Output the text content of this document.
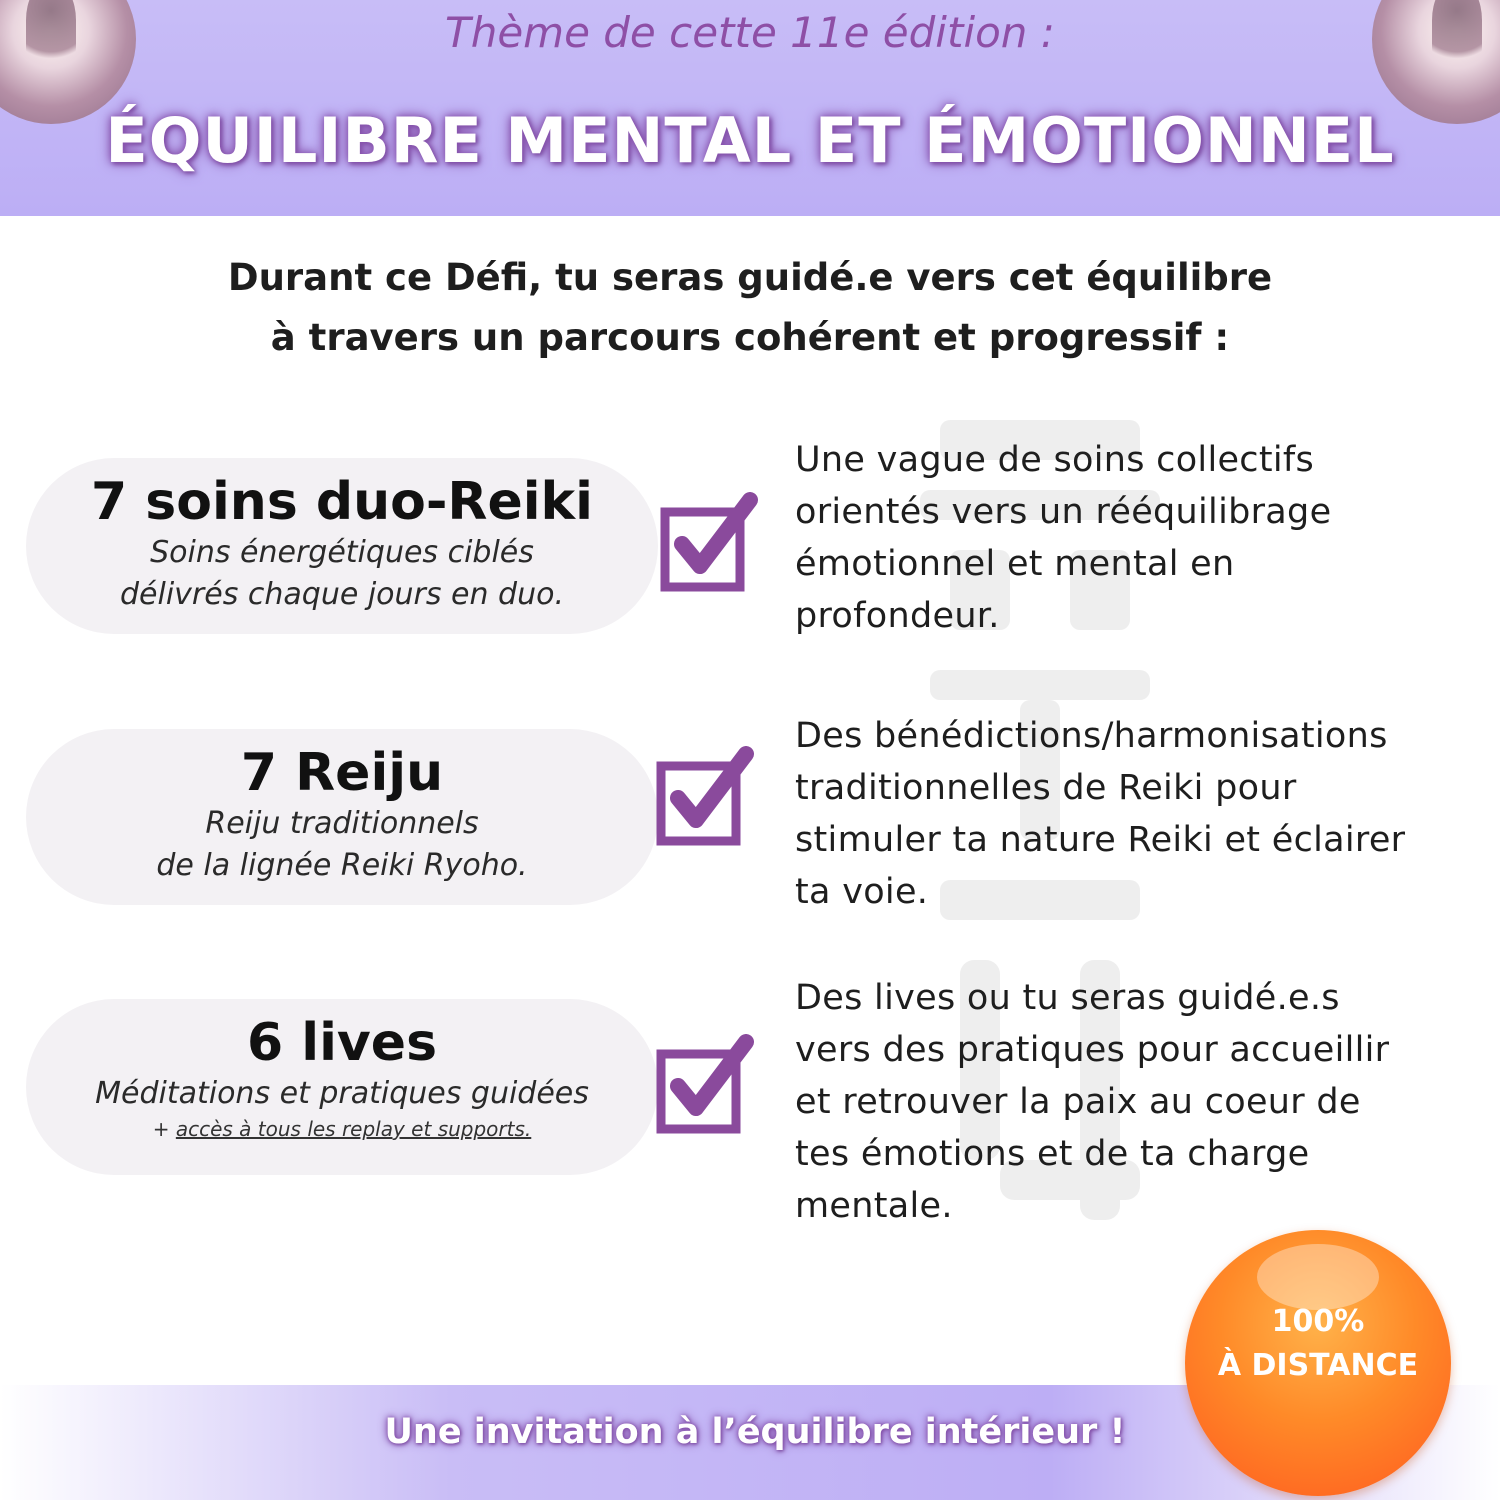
Thème de cette 11e édition :
ÉQUILIBRE MENTAL ET ÉMOTIONNEL
Durant ce Défi, tu seras guidé.e vers cet équilibre
à travers un parcours cohérent et progressif :
7 soins duo-Reiki
Soins énergétiques ciblés
délivrés chaque jours en duo.
Une vague de soins collectifs
orientés vers un rééquilibrage
émotionnel et mental en
profondeur.
7 Reiju
Reiju traditionnels
de la lignée Reiki Ryoho.
Des bénédictions/harmonisations
traditionnelles de Reiki pour
stimuler ta nature Reiki et éclairer
ta voie.
6 lives
Méditations et pratiques guidées
+ accès à tous les replay et supports.
Des lives ou tu seras guidé.e.s
vers des pratiques pour accueillir
et retrouver la paix au coeur de
tes émotions et de ta charge
mentale.
Une invitation à l’équilibre intérieur !
100%
À DISTANCE
